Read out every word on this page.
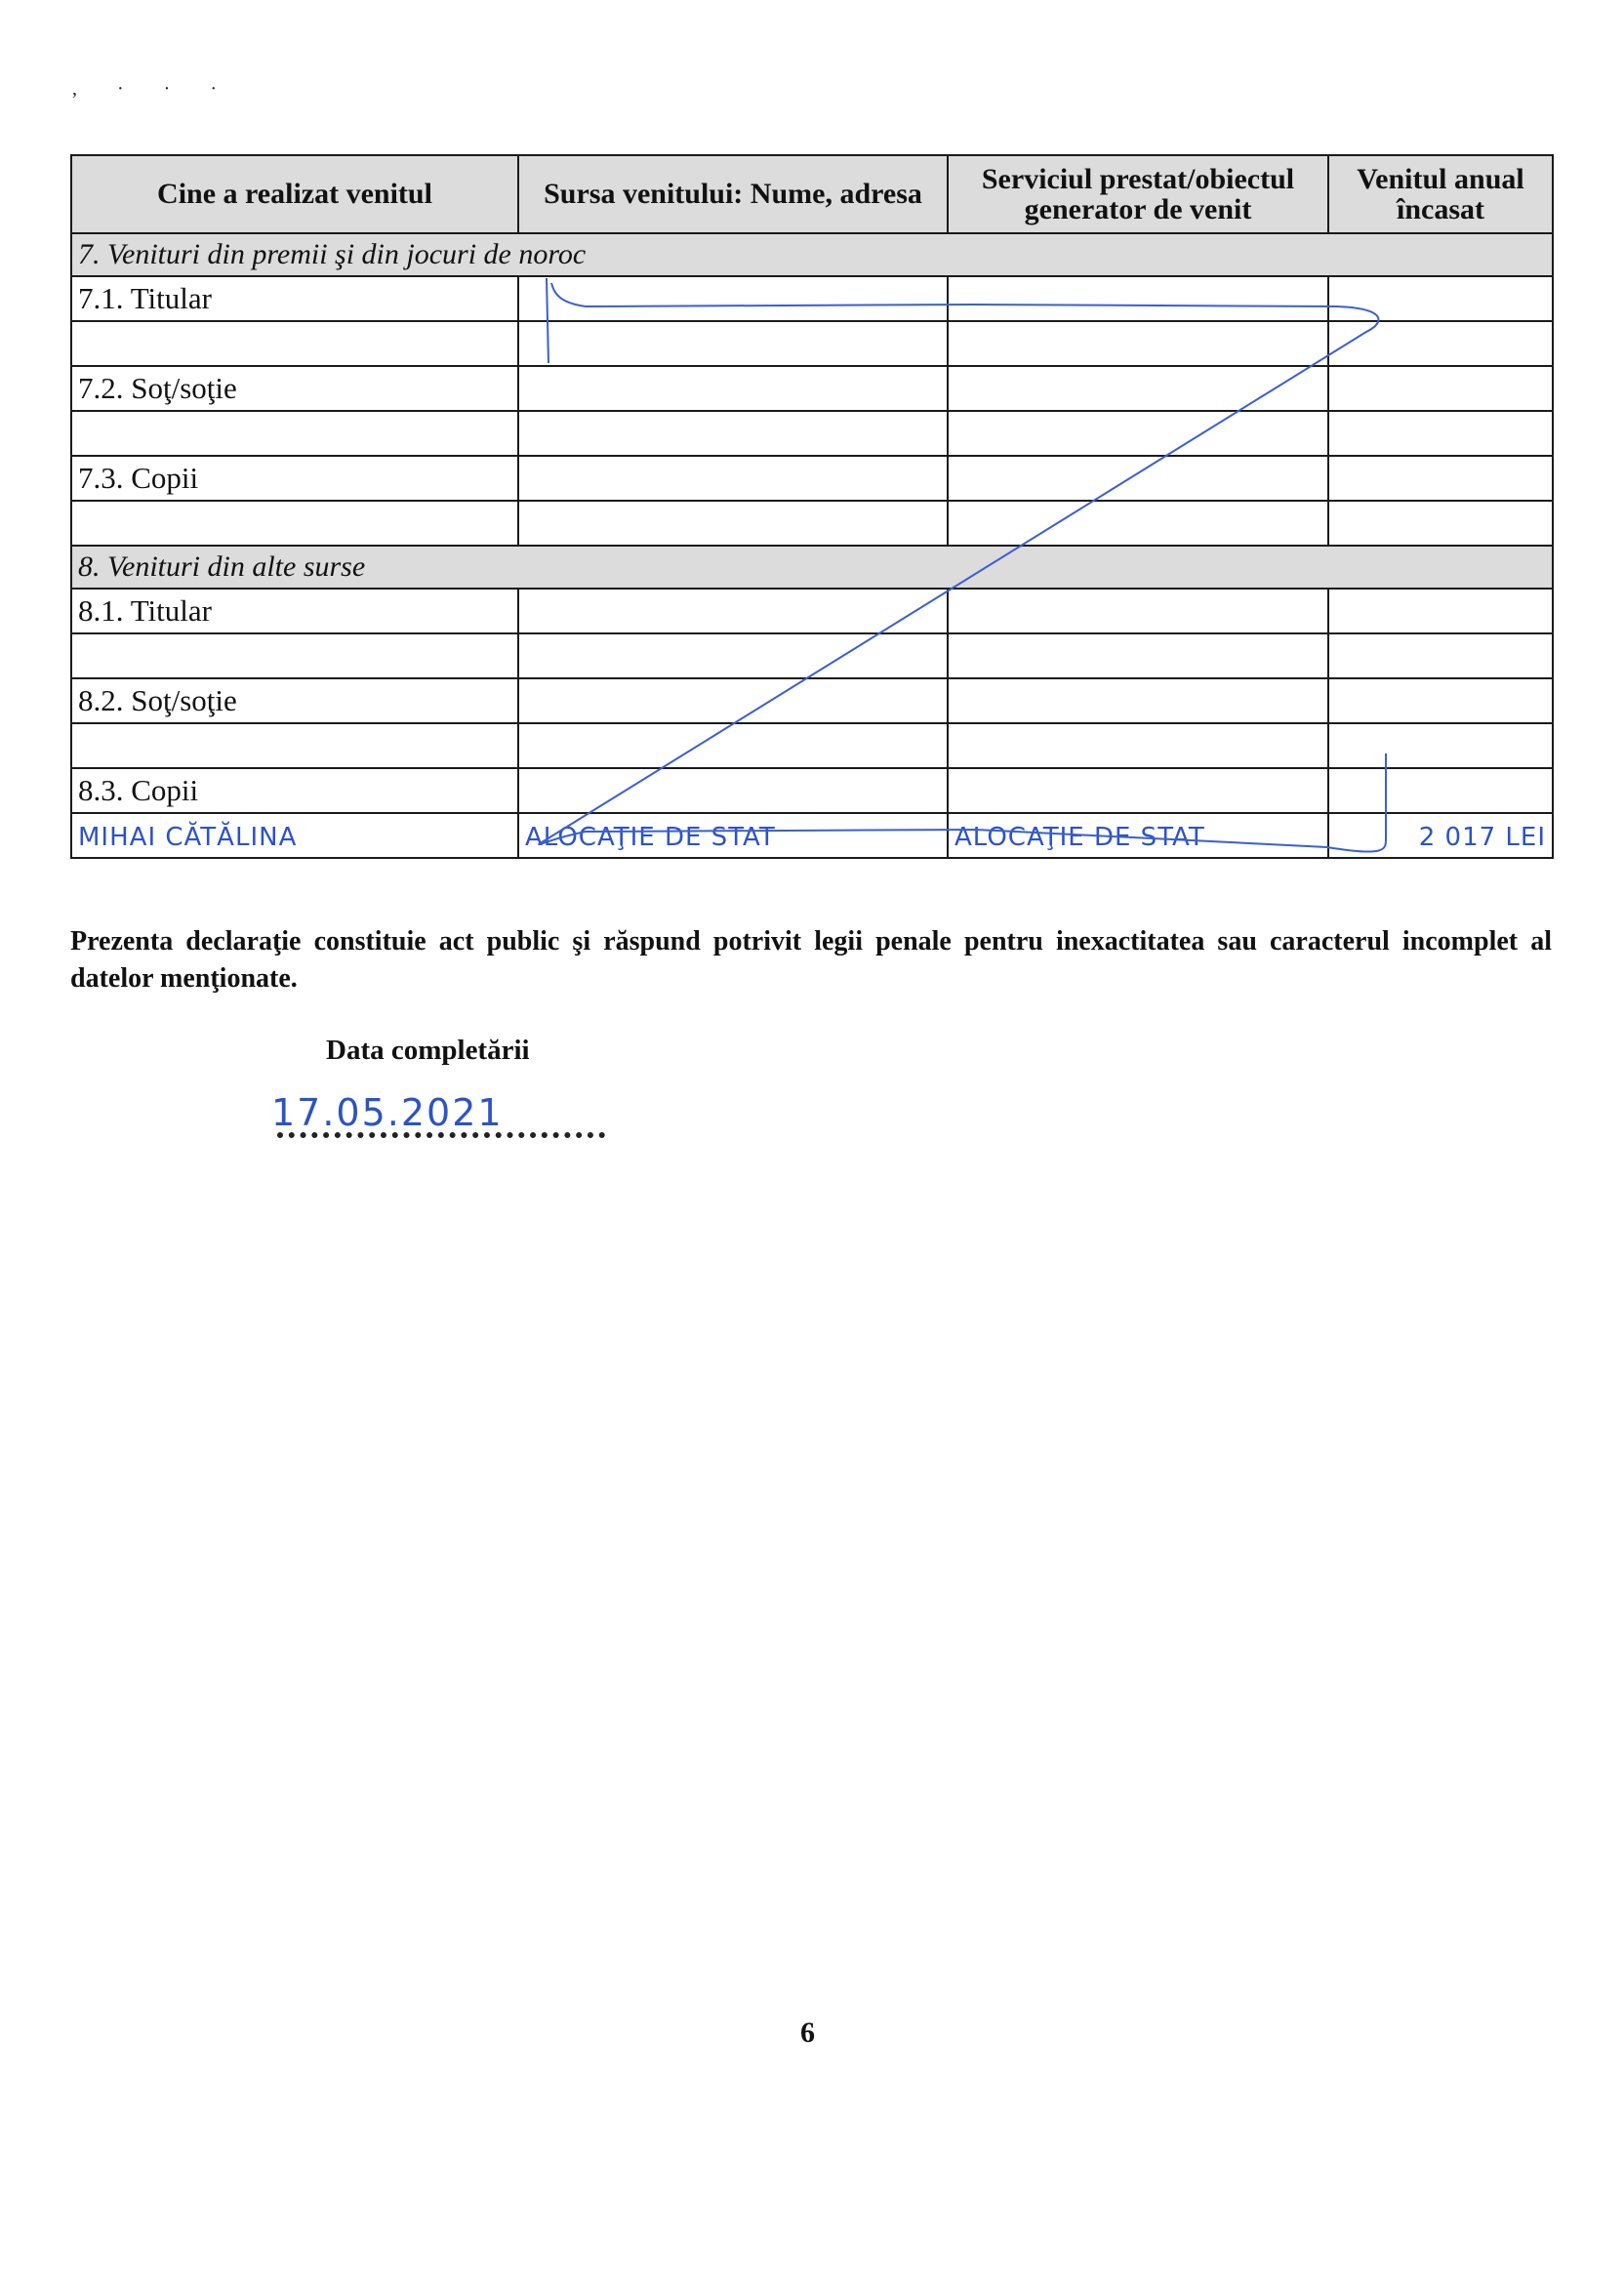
, · · ·
Cine a realizat venitul	Sursa venitului: Nume, adresa	Serviciul prestat/obiectul generator de venit	Venitul anual încasat
7. Venituri din premii şi din jocuri de noroc			
7.1. Titular			

7.2. Soţ/soţie			

7.3. Copii			

8. Venituri din alte surse			
8.1. Titular			

8.2. Soţ/soţie			

8.3. Copii			
MIHAI CĂTĂLINA	ALOCAŢIE DE STAT	ALOCAŢIE DE STAT	2 017 LEI
Prezenta declaraţie constituie act public şi răspund potrivit legii penale pentru inexactitatea sau caracterul incomplet al datelor menţionate.
Data completării
17.05.2021
6
